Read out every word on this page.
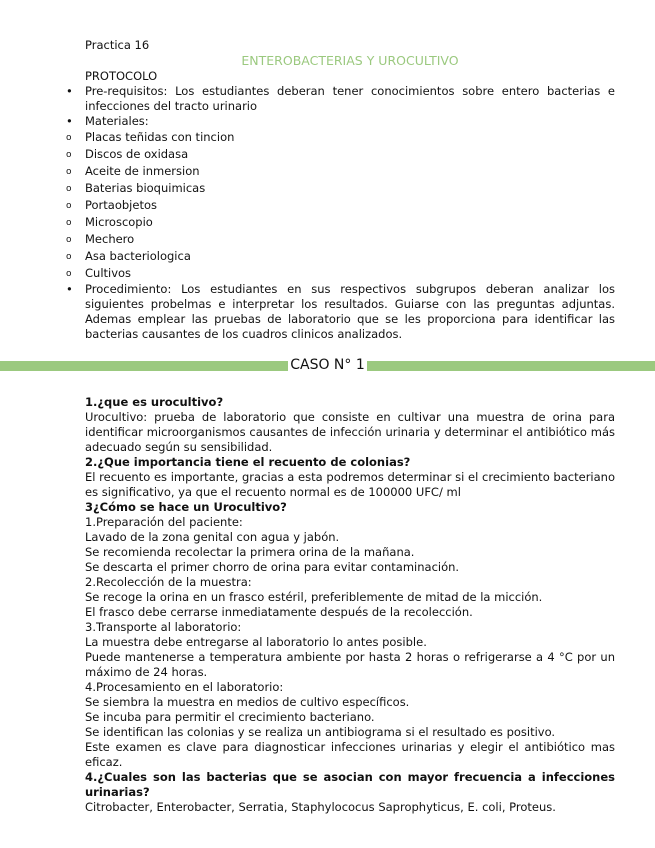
Practica 16
ENTEROBACTERIAS Y UROCULTIVO
PROTOCOLO
• Pre-requisitos: Los estudiantes deberan tener conocimientos sobre entero bacterias e infecciones del tracto urinario
• Materiales:
o Placas teñidas con tincion
o Discos de oxidasa
o Aceite de inmersion
o Baterias bioquimicas
o Portaobjetos
o Microscopio
o Mechero
o Asa bacteriologica
o Cultivos
• Procedimiento: Los estudiantes en sus respectivos subgrupos deberan analizar los siguientes probelmas e interpretar los resultados. Guiarse con las preguntas adjuntas. Ademas emplear las pruebas de laboratorio que se les proporciona para identificar las bacterias causantes de los cuadros clinicos analizados.
CASO N° 1
1.¿que es urocultivo?
Urocultivo: prueba de laboratorio que consiste en cultivar una muestra de orina para identificar microorganismos causantes de infección urinaria y determinar el antibiótico más adecuado según su sensibilidad.
2.¿Que importancia tiene el recuento de colonias?
El recuento es importante, gracias a esta podremos determinar si el crecimiento bacteriano es significativo, ya que el recuento normal es de 100000 UFC/ ml
3¿Cómo se hace un Urocultivo?
1.Preparación del paciente:
Lavado de la zona genital con agua y jabón.
Se recomienda recolectar la primera orina de la mañana.
Se descarta el primer chorro de orina para evitar contaminación.
2.Recolección de la muestra:
Se recoge la orina en un frasco estéril, preferiblemente de mitad de la micción.
El frasco debe cerrarse inmediatamente después de la recolección.
3.Transporte al laboratorio:
La muestra debe entregarse al laboratorio lo antes posible.
Puede mantenerse a temperatura ambiente por hasta 2 horas o refrigerarse a 4 °C por un máximo de 24 horas.
4.Procesamiento en el laboratorio:
Se siembra la muestra en medios de cultivo específicos.
Se incuba para permitir el crecimiento bacteriano.
Se identifican las colonias y se realiza un antibiograma si el resultado es positivo.
Este examen es clave para diagnosticar infecciones urinarias y elegir el antibiótico mas eficaz.
4.¿Cuales son las bacterias que se asocian con mayor frecuencia a infecciones urinarias?
Citrobacter, Enterobacter, Serratia, Staphylococus Saprophyticus, E. coli, Proteus.
